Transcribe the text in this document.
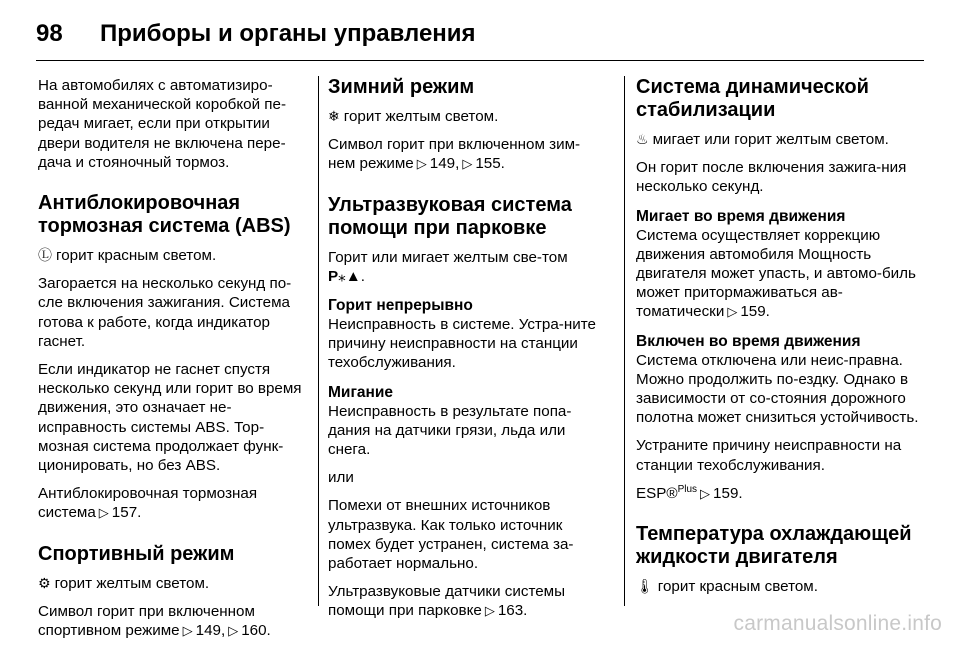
98	Приборы и органы управления

На автомобилях с автоматизиро-ванной механической коробкой пе-редач мигает, если при открытии двери водителя не включена пере-дача и стояночный тормоз.

Антиблокировочная тормозная система (ABS)

Ⓛ горит красным светом.

Загорается на несколько секунд по-сле включения зажигания. Система готова к работе, когда индикатор гаснет.

Если индикатор не гаснет спустя несколько секунд или горит во время движения, это означает не-исправность системы ABS. Тор-мозная система продолжает функ-ционировать, но без ABS.

Антиблокировочная тормозная система ▷ 157.

Спортивный режим

⚙ горит желтым светом.

Символ горит при включенном спортивном режиме ▷ 149, ▷ 160.

Зимний режим

❄ горит желтым светом.

Символ горит при включенном зим-нем режиме ▷ 149, ▷ 155.

Ультразвуковая система помощи при парковке

Горит или мигает желтым све-том P⁎▲.

Горит непрерывно

Неисправность в системе. Устра-ните причину неисправности на станции техобслуживания.

Мигание

Неисправность в результате попа-дания на датчики грязи, льда или снега.

или

Помехи от внешних источников ультразвука. Как только источник помех будет устранен, система за-работает нормально.

Ультразвуковые датчики системы помощи при парковке ▷ 163.

Система динамической стабилизации

♨ мигает или горит желтым светом.

Он горит после включения зажига-ния несколько секунд.

Мигает во время движения

Система осуществляет коррекцию движения автомобиля Мощность двигателя может упасть, и автомо-биль может притормаживаться ав-томатически ▷ 159.

Включен во время движения

Система отключена или неис-правна. Можно продолжить по-ездку. Однако в зависимости от со-стояния дорожного полотна может снизиться устойчивость.

Устраните причину неисправности на станции техобслуживания.

ESP®$^{Plus}$ ▷ 159.

Температура охлаждающей жидкости двигателя

🌡 горит красным светом.

carmanualsonline.info
